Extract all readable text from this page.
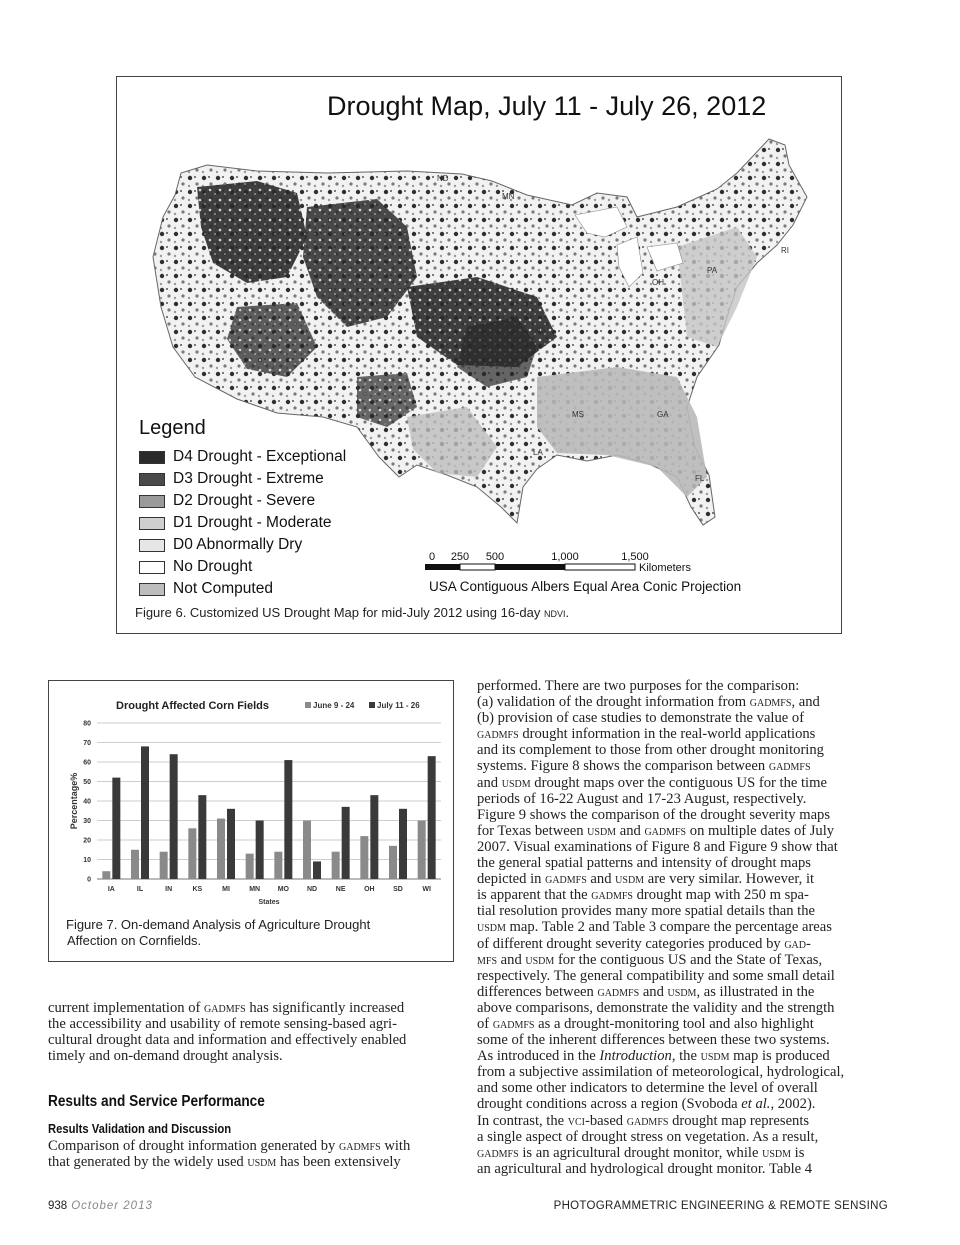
ND
MN
PA
RI
OH
MO
MS	GA
LA
FL
Drought Map, July 11 - July 26, 2012
Legend
D4 Drought - Exceptional
D3 Drought - Extreme
D2 Drought - Severe
D1 Drought - Moderate
D0 Abnormally Dry
No Drought
Not Computed
0 250 500	1,000	1,500
Kilometers
USA Contiguous Albers Equal Area Conic Projection
Figure 6. Customized US Drought Map for mid-July 2012 using 16-day ndvi.
Drought Affected Corn Fields	June 9 - 24	July 11 - 26
0
10
20
30
40
50
60
70
80
Percentage%
IA	IL	IN	KS	MI	MN	MO	ND	NE	OH	SD	WI
States
Figure 7. On-demand Analysis of Agriculture Drought
Affection on Cornfields.
current implementation of gadmfs has significantly increased
the accessibility and usability of remote sensing-based agri-
cultural drought data and information and effectively enabled
timely and on-demand drought analysis.
Results and Service Performance
Results Validation and Discussion
Comparison of drought information generated by gadmfs with
that generated by the widely used usdm has been extensively
performed. There are two purposes for the comparison:
(a) validation of the drought information from gadmfs, and
(b) provision of case studies to demonstrate the value of
gadmfs drought information in the real-world applications
and its complement to those from other drought monitoring
systems. Figure 8 shows the comparison between gadmfs
and usdm drought maps over the contiguous US for the time
periods of 16-22 August and 17-23 August, respectively.
Figure 9 shows the comparison of the drought severity maps
for Texas between usdm and gadmfs on multiple dates of July
2007. Visual examinations of Figure 8 and Figure 9 show that
the general spatial patterns and intensity of drought maps
depicted in gadmfs and usdm are very similar. However, it
is apparent that the gadmfs drought map with 250 m spa-
tial resolution provides many more spatial details than the
usdm map. Table 2 and Table 3 compare the percentage areas
of different drought severity categories produced by gad-
mfs and usdm for the contiguous US and the State of Texas,
respectively. The general compatibility and some small detail
differences between gadmfs and usdm, as illustrated in the
above comparisons, demonstrate the validity and the strength
of gadmfs as a drought-monitoring tool and also highlight
some of the inherent differences between these two systems.
As introduced in the Introduction, the usdm map is produced
from a subjective assimilation of meteorological, hydrological,
and some other indicators to determine the level of overall
drought conditions across a region (Svoboda et al., 2002).
In contrast, the vci-based gadmfs drought map represents
a single aspect of drought stress on vegetation. As a result,
gadmfs is an agricultural drought monitor, while usdm is
an agricultural and hydrological drought monitor. Table 4
938 October 2013	PHOTOGRAMMETRIC ENGINEERING & REMOTE SENSING
